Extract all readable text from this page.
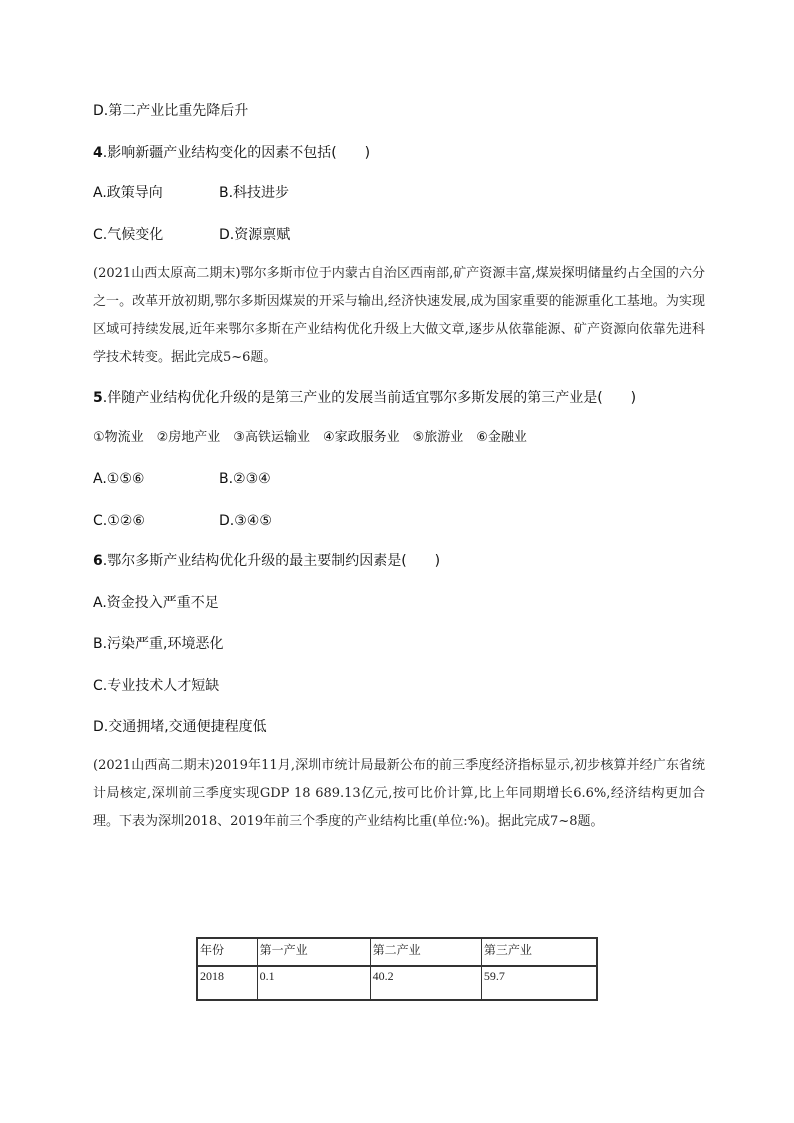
D.第二产业比重先降后升
4.影响新疆产业结构变化的因素不包括(　　)
A.政策导向	B.科技进步
C.气候变化	D.资源禀赋
(2021山西太原高二期末)鄂尔多斯市位于内蒙古自治区西南部,矿产资源丰富,煤炭探明储量约占全国的六分之一。改革开放初期,鄂尔多斯因煤炭的开采与输出,经济快速发展,成为国家重要的能源重化工基地。为实现区域可持续发展,近年来鄂尔多斯在产业结构优化升级上大做文章,逐步从依靠能源、矿产资源向依靠先进科学技术转变。据此完成5~6题。
5.伴随产业结构优化升级的是第三产业的发展当前适宜鄂尔多斯发展的第三产业是(　　)
①物流业　②房地产业　③高铁运输业　④家政服务业　⑤旅游业　⑥金融业
A.①⑤⑥	B.②③④
C.①②⑥	D.③④⑤
6.鄂尔多斯产业结构优化升级的最主要制约因素是(　　)
A.资金投入严重不足
B.污染严重,环境恶化
C.专业技术人才短缺
D.交通拥堵,交通便捷程度低
(2021山西高二期末)2019年11月,深圳市统计局最新公布的前三季度经济指标显示,初步核算并经广东省统计局核定,深圳前三季度实现GDP 18 689.13亿元,按可比价计算,比上年同期增长6.6%,经济结构更加合理。下表为深圳2018、2019年前三个季度的产业结构比重(单位:%)。据此完成7~8题。
年份	第一产业	第二产业	第三产业
2018	0.1	40.2	59.7
